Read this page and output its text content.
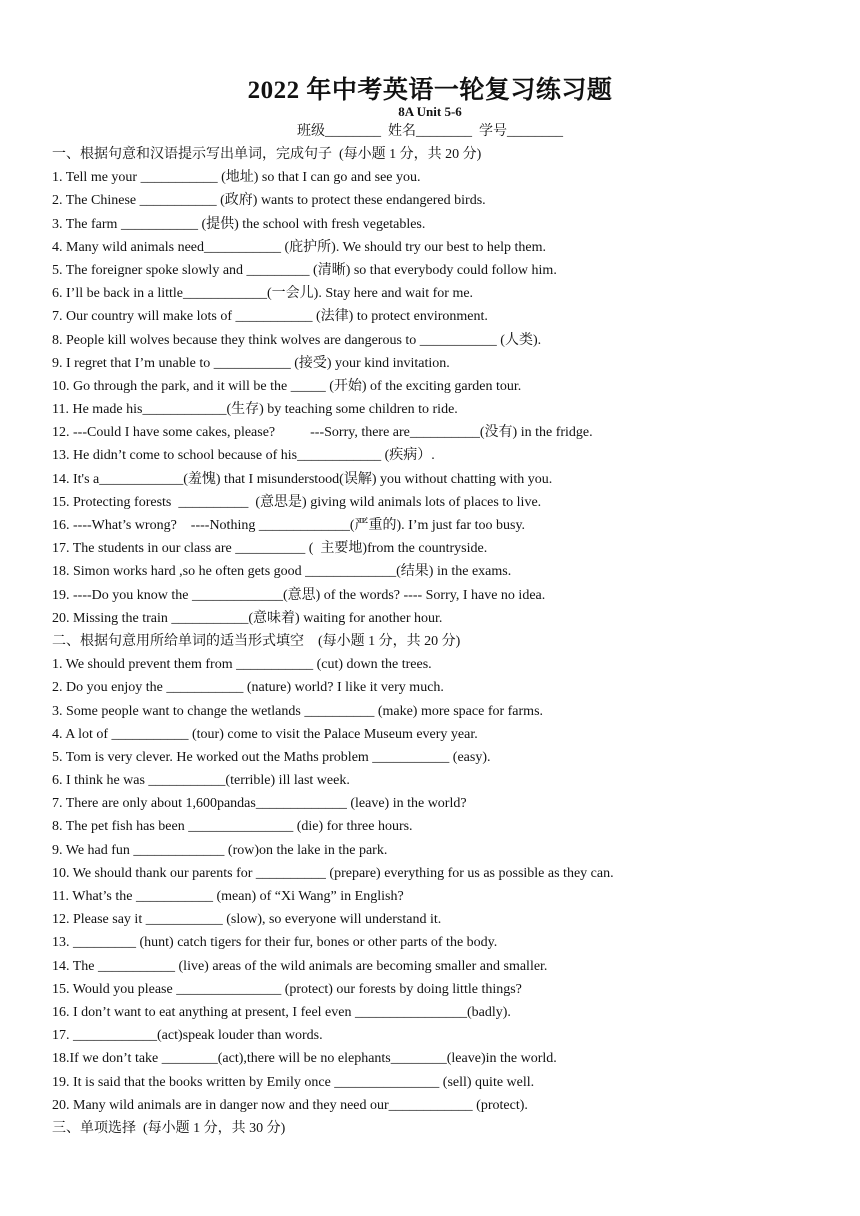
2022 年中考英语一轮复习练习题
8A Unit 5-6
班级________  姓名________  学号________
一、根据句意和汉语提示写出单词，完成句子  (每小题 1 分，共 20 分)
1. Tell me your ___________ (地址) so that I can go and see you.
2. The Chinese ___________ (政府) wants to protect these endangered birds.
3. The farm ___________ (提供) the school with fresh vegetables.
4. Many wild animals need___________ (庇护所). We should try our best to help them.
5. The foreigner spoke slowly and _________ (清晰) so that everybody could follow him.
6. I’ll be back in a little____________(一会儿). Stay here and wait for me.
7. Our country will make lots of ___________ (法律) to protect environment.
8. People kill wolves because they think wolves are dangerous to ___________ (人类).
9. I regret that I’m unable to ___________ (接受) your kind invitation.
10. Go through the park, and it will be the _____ (开始) of the exciting garden tour.
11. He made his____________(生存) by teaching some children to ride.
12. ---Could I have some cakes, please?          ---Sorry, there are__________(没有) in the fridge.
13. He didn’t come to school because of his____________ (疾病）.
14. It's a____________(羞愧) that I misunderstood(误解) you without chatting with you.
15. Protecting forests  __________  (意思是) giving wild animals lots of places to live.
16. ----What’s wrong?    ----Nothing _____________(严重的). I’m just far too busy.
17. The students in our class are __________ (  主要地)from the countryside.
18. Simon works hard ,so he often gets good _____________(结果) in the exams.
19. ----Do you know the _____________(意思) of the words? ---- Sorry, I have no idea.
20. Missing the train ___________(意味着) waiting for another hour.
二、根据句意用所给单词的适当形式填空    (每小题 1 分，共 20 分)
1. We should prevent them from ___________ (cut) down the trees.
2. Do you enjoy the ___________ (nature) world? I like it very much.
3. Some people want to change the wetlands __________ (make) more space for farms.
4. A lot of ___________ (tour) come to visit the Palace Museum every year.
5. Tom is very clever. He worked out the Maths problem ___________ (easy).
6. I think he was ___________(terrible) ill last week.
7. There are only about 1,600pandas_____________ (leave) in the world?
8. The pet fish has been _______________ (die) for three hours.
9. We had fun _____________ (row)on the lake in the park.
10. We should thank our parents for __________ (prepare) everything for us as possible as they can.
11. What’s the ___________ (mean) of “Xi Wang” in English?
12. Please say it ___________ (slow), so everyone will understand it.
13. _________ (hunt) catch tigers for their fur, bones or other parts of the body.
14. The ___________ (live) areas of the wild animals are becoming smaller and smaller.
15. Would you please _______________ (protect) our forests by doing little things?
16. I don’t want to eat anything at present, I feel even ________________(badly).
17. ____________(act)speak louder than words.
18.If we don’t take ________(act),there will be no elephants________(leave)in the world.
19. It is said that the books written by Emily once _______________ (sell) quite well.
20. Many wild animals are in danger now and they need our____________ (protect).
三、单项选择  (每小题 1 分，共 30 分)
